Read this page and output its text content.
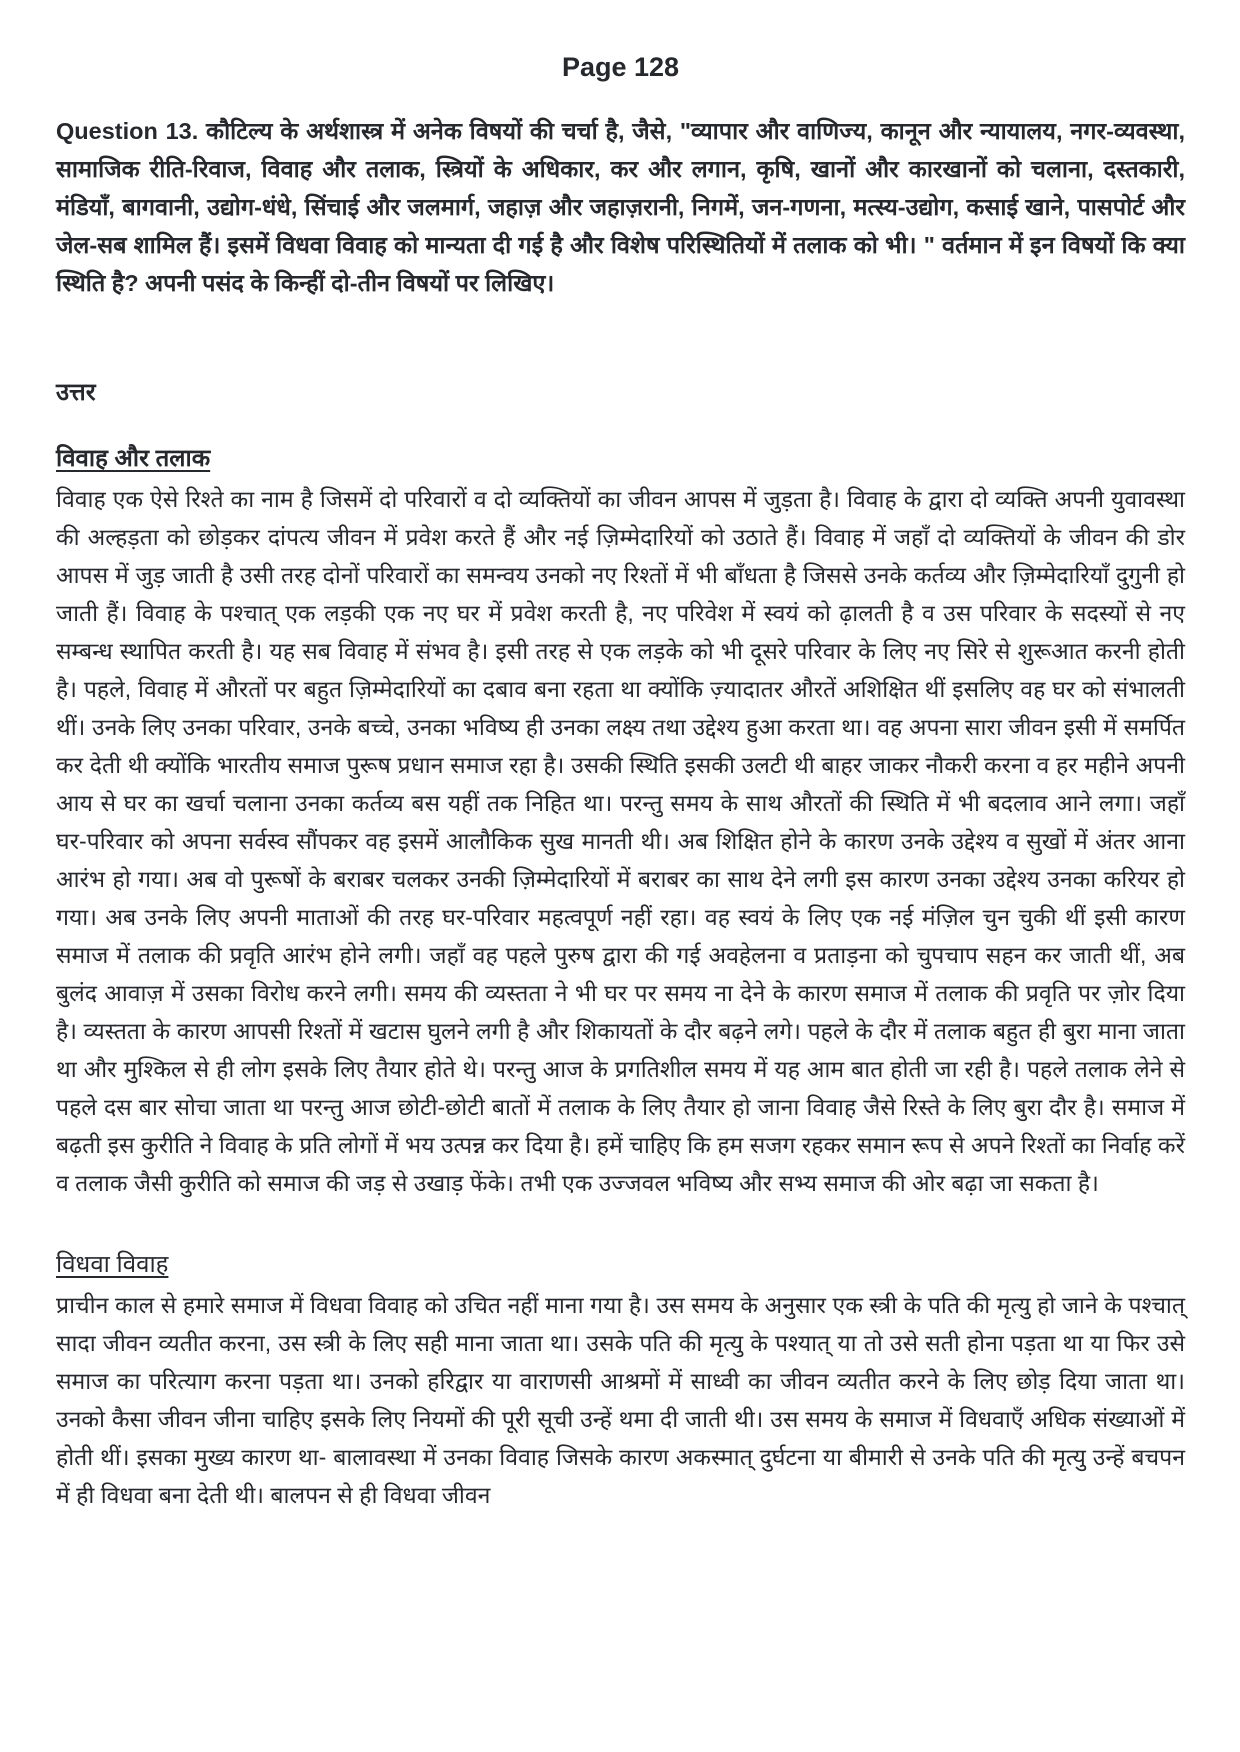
Page 128

Question 13. कौटिल्य के अर्थशास्त्र में अनेक विषयों की चर्चा है, जैसे, "व्यापार और वाणिज्य, कानून और न्यायालय, नगर-व्यवस्था, सामाजिक रीति-रिवाज, विवाह और तलाक, स्त्रियों के अधिकार, कर और लगान, कृषि, खानों और कारखानों को चलाना, दस्तकारी, मंडियाँ, बागवानी, उद्योग-धंधे, सिंचाई और जलमार्ग, जहाज़ और जहाज़रानी, निगमें, जन-गणना, मत्स्य-उद्योग, कसाई खाने, पासपोर्ट और जेल-सब शामिल हैं। इसमें विधवा विवाह को मान्यता दी गई है और विशेष परिस्थितियों में तलाक को भी। " वर्तमान में इन विषयों कि क्या स्थिति है? अपनी पसंद के किन्हीं दो-तीन विषयों पर लिखिए।

उत्तर
विवाह और तलाक

विवाह एक ऐसे रिश्ते का नाम है जिसमें दो परिवारों व दो व्यक्तियों का जीवन आपस में जुड़ता है। विवाह के द्वारा दो व्यक्ति अपनी युवावस्था की अल्हड़ता को छोड़कर दांपत्य जीवन में प्रवेश करते हैं और नई ज़िम्मेदारियों को उठाते हैं। विवाह में जहाँ दो व्यक्तियों के जीवन की डोर आपस में जुड़ जाती है उसी तरह दोनों परिवारों का समन्वय उनको नए रिश्तों में भी बाँधता है जिससे उनके कर्तव्य और ज़िम्मेदारियाँ दुगुनी हो जाती हैं। विवाह के पश्चात् एक लड़की एक नए घर में प्रवेश करती है, नए परिवेश में स्वयं को ढ़ालती है व उस परिवार के सदस्यों से नए सम्बन्ध स्थापित करती है। यह सब विवाह में संभव है। इसी तरह से एक लड़के को भी दूसरे परिवार के लिए नए सिरे से शुरूआत करनी होती है। पहले, विवाह में औरतों पर बहुत ज़िम्मेदारियों का दबाव बना रहता था क्योंकि ज़्यादातर औरतें अशिक्षित थीं इसलिए वह घर को संभालती थीं। उनके लिए उनका परिवार, उनके बच्चे, उनका भविष्य ही उनका लक्ष्य तथा उद्देश्य हुआ करता था। वह अपना सारा जीवन इसी में समर्पित कर देती थी क्योंकि भारतीय समाज पुरूष प्रधान समाज रहा है। उसकी स्थिति इसकी उलटी थी बाहर जाकर नौकरी करना व हर महीने अपनी आय से घर का खर्चा चलाना उनका कर्तव्य बस यहीं तक निहित था। परन्तु समय के साथ औरतों की स्थिति में भी बदलाव आने लगा। जहाँ घर-परिवार को अपना सर्वस्व सौंपकर वह इसमें आलौकिक सुख मानती थी। अब शिक्षित होने के कारण उनके उद्देश्य व सुखों में अंतर आना आरंभ हो गया। अब वो पुरूषों के बराबर चलकर उनकी ज़िम्मेदारियों में बराबर का साथ देने लगी इस कारण उनका उद्देश्य उनका करियर हो गया। अब उनके लिए अपनी माताओं की तरह घर-परिवार महत्वपूर्ण नहीं रहा। वह स्वयं के लिए एक नई मंज़िल चुन चुकी थीं इसी कारण समाज में तलाक की प्रवृति आरंभ होने लगी। जहाँ वह पहले पुरुष द्वारा की गई अवहेलना व प्रताड़ना को चुपचाप सहन कर जाती थीं, अब बुलंद आवाज़ में उसका विरोध करने लगी। समय की व्यस्तता ने भी घर पर समय ना देने के कारण समाज में तलाक की प्रवृति पर ज़ोर दिया है। व्यस्तता के कारण आपसी रिश्तों में खटास घुलने लगी है और शिकायतों के दौर बढ़ने लगे। पहले के दौर में तलाक बहुत ही बुरा माना जाता था और मुश्किल से ही लोग इसके लिए तैयार होते थे। परन्तु आज के प्रगतिशील समय में यह आम बात होती जा रही है। पहले तलाक लेने से पहले दस बार सोचा जाता था परन्तु आज छोटी-छोटी बातों में तलाक के लिए तैयार हो जाना विवाह जैसे रिस्ते के लिए बुरा दौर है। समाज में बढ़ती इस कुरीति ने विवाह के प्रति लोगों में भय उत्पन्न कर दिया है। हमें चाहिए कि हम सजग रहकर समान रूप से अपने रिश्तों का निर्वाह करें व तलाक जैसी कुरीति को समाज की जड़ से उखाड़ फेंके। तभी एक उज्जवल भविष्य और सभ्य समाज की ओर बढ़ा जा सकता है।

विधवा विवाह

प्राचीन काल से हमारे समाज में विधवा विवाह को उचित नहीं माना गया है। उस समय के अनुसार एक स्त्री के पति की मृत्यु हो जाने के पश्चात् सादा जीवन व्यतीत करना, उस स्त्री के लिए सही माना जाता था। उसके पति की मृत्यु के पश्यात् या तो उसे सती होना पड़ता था या फिर उसे समाज का परित्याग करना पड़ता था। उनको हरिद्वार या वाराणसी आश्रमों में साध्वी का जीवन व्यतीत करने के लिए छोड़ दिया जाता था। उनको कैसा जीवन जीना चाहिए इसके लिए नियमों की पूरी सूची उन्हें थमा दी जाती थी। उस समय के समाज में विधवाएँ अधिक संख्याओं में होती थीं। इसका मुख्य कारण था- बालावस्था में उनका विवाह जिसके कारण अकस्मात् दुर्घटना या बीमारी से उनके पति की मृत्यु उन्हें बचपन में ही विधवा बना देती थी। बालपन से ही विधवा जीवन
